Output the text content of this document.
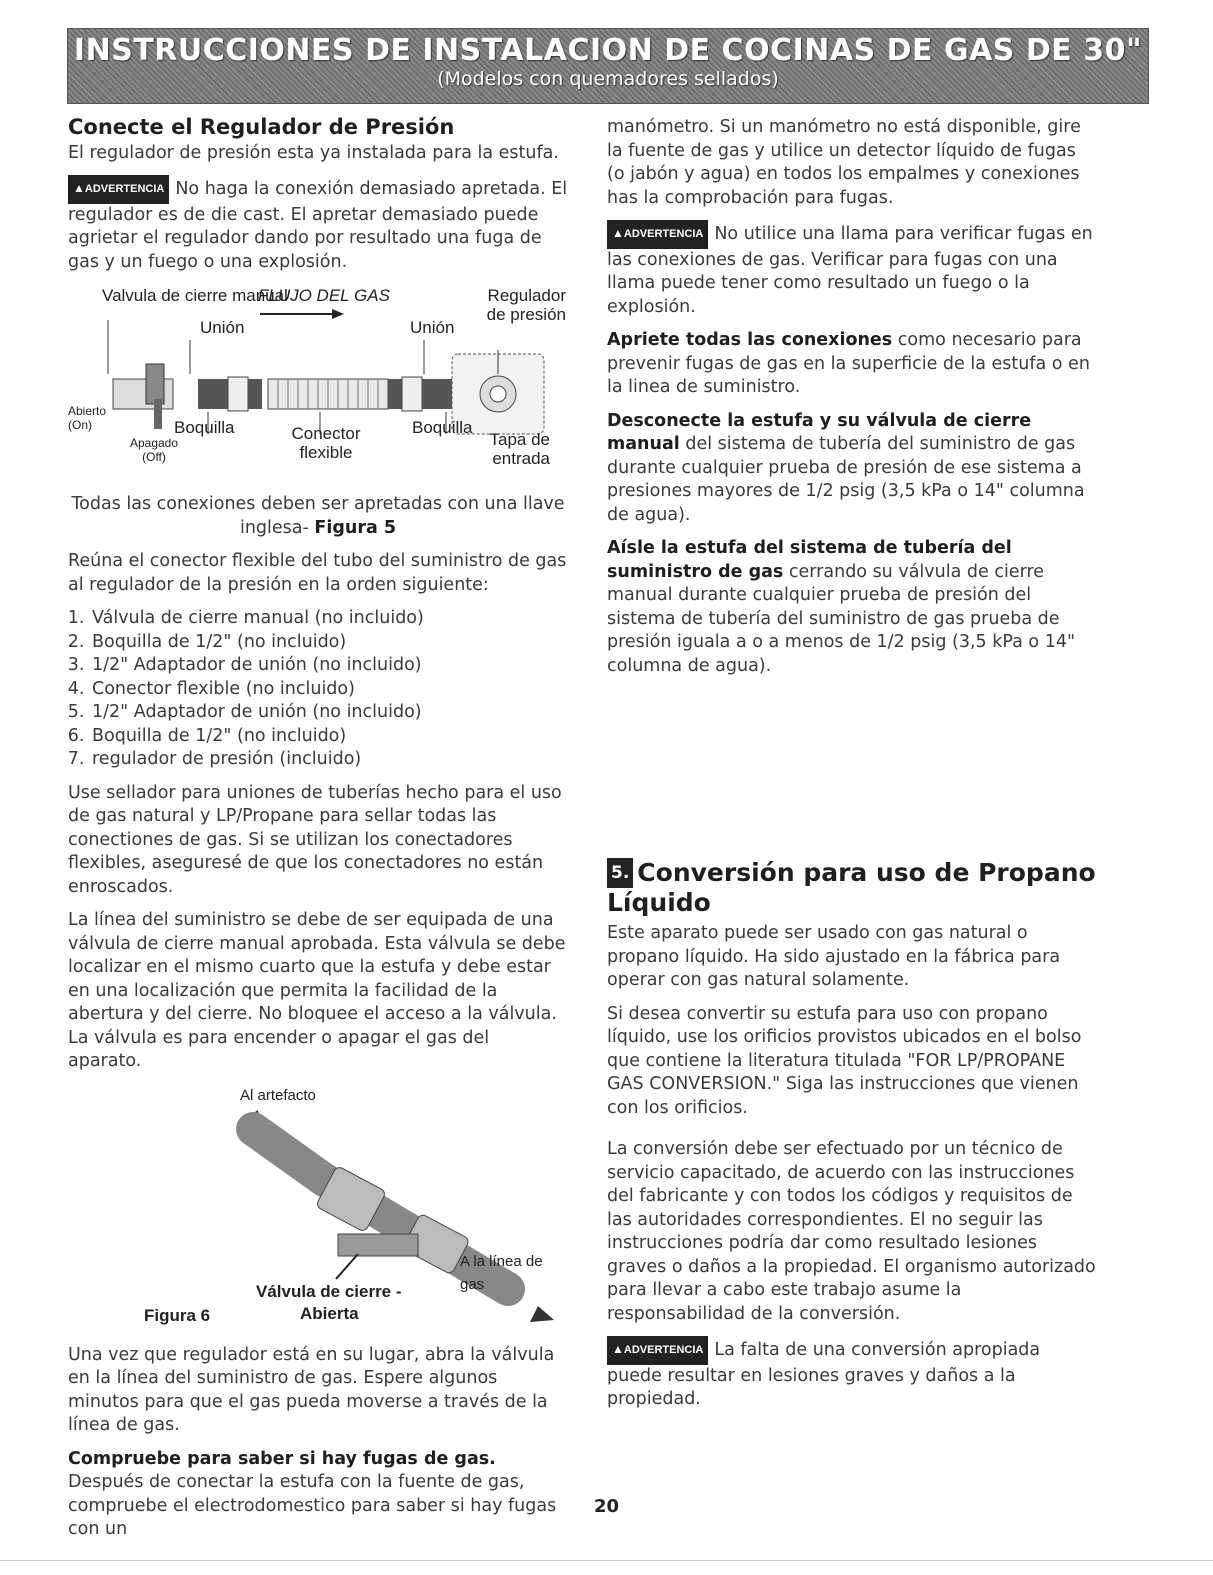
INSTRUCCIONES DE INSTALACION DE COCINAS DE GAS DE 30"
(Modelos con quemadores sellados)
Conecte el Regulador de Presión

El regulador de presión esta ya instalada para la estufa.

▲ADVERTENCIA No haga la conexión demasiado apretada. El regulador es de die cast. El apretar demasiado puede agrietar el regulador dando por resultado una fuga de gas y un fuego o una explosión.

Valvula de cierre manual
FLUJO DEL GAS	Regulador de presión
Unión	Unión
Abierto (On)
Apagado (Off)
Boquilla	Conector flexible
Boquilla
Tapa de entrada

Todas las conexiones deben ser apretadas con una llave inglesa- Figura 5

Reúna el conector flexible del tubo del suministro de gas al regulador de la presión en la orden siguiente:

1. Válvula de cierre manual (no incluido)
2. Boquilla de 1/2" (no incluido)
3. 1/2" Adaptador de unión (no incluido)
4. Conector flexible (no incluido)
5. 1/2" Adaptador de unión (no incluido)
6. Boquilla de 1/2" (no incluido)
7. regulador de presión (incluido)

Use sellador para uniones de tuberías hecho para el uso de gas natural y LP/Propane para sellar todas las conectiones de gas. Si se utilizan los conectadores flexibles, aseguresé de que los conectadores no están enroscados.

La línea del suministro se debe de ser equipada de una válvula de cierre manual aprobada. Esta válvula se debe localizar en el mismo cuarto que la estufa y debe estar en una localización que permita la facilidad de la abertura y del cierre. No bloquee el acceso a la válvula. La válvula es para encender o apagar el gas del aparato.

Al artefacto
A la línea de gas
Válvula de cierre -
Abierta
Figura 6

Una vez que regulador está en su lugar, abra la válvula en la línea del suministro de gas. Espere algunos minutos para que el gas pueda moverse a través de la línea de gas.

Compruebe para saber si hay fugas de gas. Después de conectar la estufa con la fuente de gas, compruebe el electrodomestico para saber si hay fugas con un

manómetro. Si un manómetro no está disponible, gire la fuente de gas y utilice un detector líquido de fugas (o jabón y agua) en todos los empalmes y conexiones has la comprobación para fugas.

▲ADVERTENCIA No utilice una llama para verificar fugas en las conexiones de gas. Verificar para fugas con una llama puede tener como resultado un fuego o la explosión.

Apriete todas las conexiones como necesario para prevenir fugas de gas en la superficie de la estufa o en la linea de suministro.

Desconecte la estufa y su válvula de cierre manual del sistema de tubería del suministro de gas durante cualquier prueba de presión de ese sistema a presiones mayores de 1/2 psig (3,5 kPa o 14" columna de agua).

Aísle la estufa del sistema de tubería del suministro de gas cerrando su válvula de cierre manual durante cualquier prueba de presión del sistema de tubería del suministro de gas prueba de presión iguala a o a menos de 1/2 psig (3,5 kPa o 14" columna de agua).

5. Conversión para uso de Propano Líquido

Este aparato puede ser usado con gas natural o propano líquido. Ha sido ajustado en la fábrica para operar con gas natural solamente.

Si desea convertir su estufa para uso con propano líquido, use los orificios provistos ubicados en el bolso que contiene la literatura titulada "FOR LP/PROPANE GAS CONVERSION." Siga las instrucciones que vienen con los orificios.

La conversión debe ser efectuado por un técnico de servicio capacitado, de acuerdo con las instrucciones del fabricante y con todos los códigos y requisitos de las autoridades correspondientes. El no seguir las instrucciones podría dar como resultado lesiones graves o daños a la propiedad. El organismo autorizado para llevar a cabo este trabajo asume la responsabilidad de la conversión.

▲ADVERTENCIA La falta de una conversión apropiada puede resultar en lesiones graves y daños a la propiedad.

20
